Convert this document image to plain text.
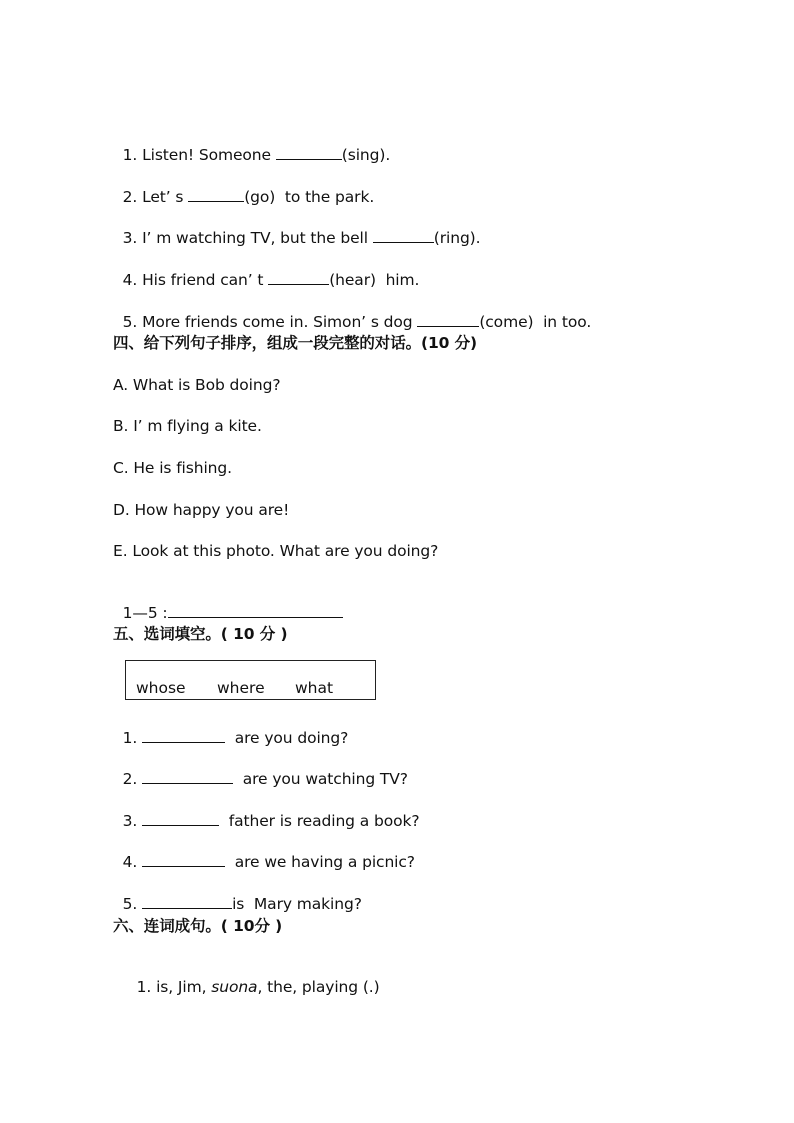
1. Listen! Someone	(sing).

2. Let’ s	(go)  to the park.

3. I’ m watching TV, but the bell	(ring).

4. His friend can’ t	(hear)  him.

5. More friends come in. Simon’ s dog	(come)  in too.

四、给下列句子排序，组成一段完整的对话。(10 分)
A. What is Bob doing?
B. I’ m flying a kite.
C. He is fishing.
D. How happy you are!
E. Look at this photo. What are you doing?

1—5 :

五、选词填空。( 10 分 )
whose where what

1.	are you doing?

2.	are you watching TV?

3.	father is reading a book?

4.	are we having a picnic?

5.	is  Mary making?

六、连词成句。( 10分 )

1. is, Jim, suona, the, playing (.)
